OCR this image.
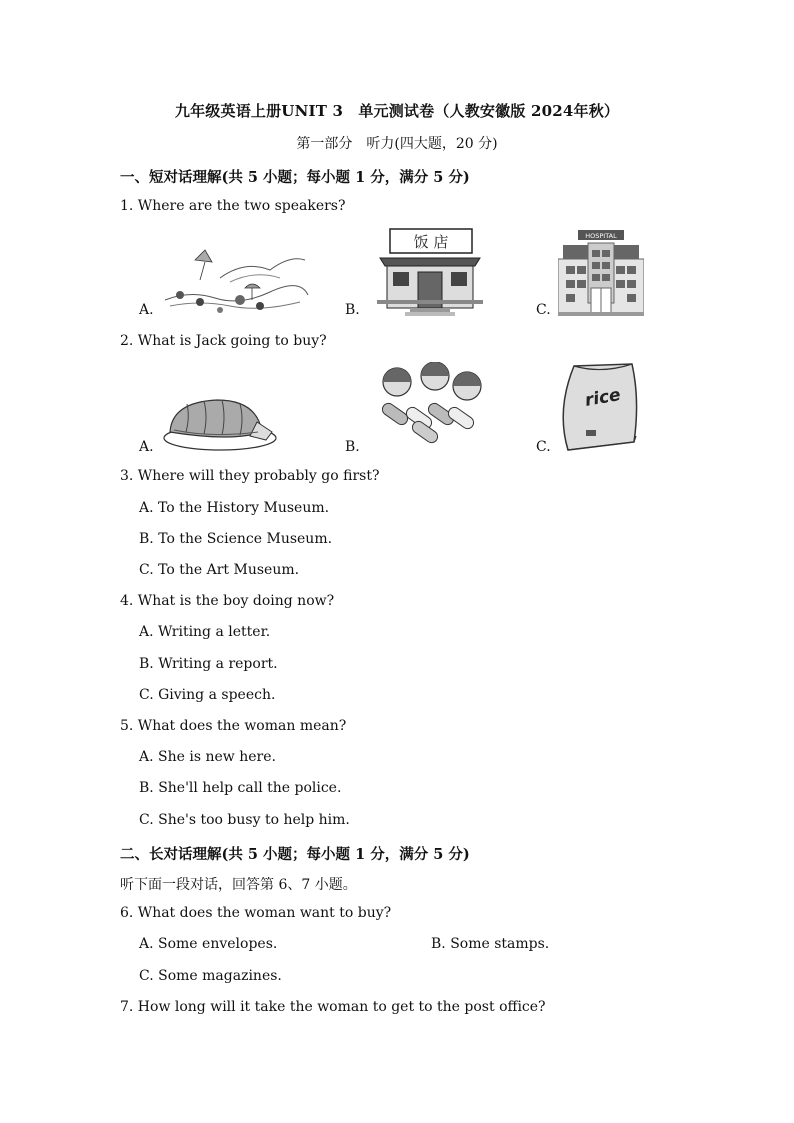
九年级英语上册UNIT 3　单元测试卷（人教安徽版 2024年秋）
第一部分　听力(四大题，20 分)
一、短对话理解(共 5 小题；每小题 1 分，满分 5 分)
1. Where are the two speakers?
A.	B.
饭 店
C.
HOSPITAL
2. What is Jack going to buy?
A.	B.	C.
rice
3. Where will they probably go first?
A. To the History Museum.
B. To the Science Museum.
C. To the Art Museum.
4. What is the boy doing now?
A. Writing a letter.
B. Writing a report.
C. Giving a speech.
5. What does the woman mean?
A. She is new here.
B. She'll help call the police.
C. She's too busy to help him.
二、长对话理解(共 5 小题；每小题 1 分，满分 5 分)
听下面一段对话，回答第 6、7 小题。
6. What does the woman want to buy?
A. Some envelopes.	B. Some stamps.
C. Some magazines.
7. How long will it take the woman to get to the post office?
